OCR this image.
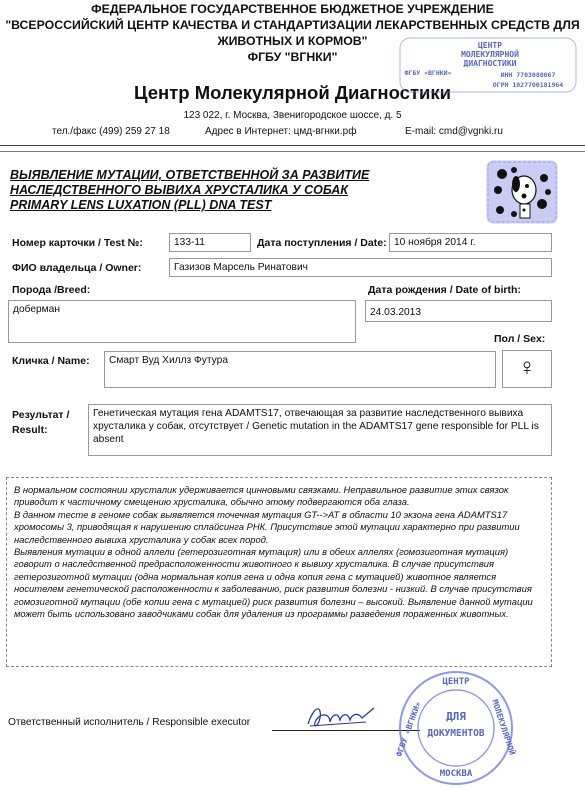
ФЕДЕРАЛЬНОЕ ГОСУДАРСТВЕННОЕ БЮДЖЕТНОЕ УЧРЕЖДЕНИЕ
"ВСЕРОССИЙСКИЙ ЦЕНТР КАЧЕСТВА И СТАНДАРТИЗАЦИИ ЛЕКАРСТВЕННЫХ СРЕДСТВ ДЛЯ
ЖИВОТНЫХ И КОРМОВ"
ФГБУ "ВГНКИ"
Центр Молекулярной Диагностики
123 022, г. Москва, Звенигородское шоссе, д. 5
тел./факс (499) 259 27 18	Адрес в Интернет: цмд-вгнки.рф	E-mail: cmd@vgnki.ru
ЦЕНТР
МОЛЕКУЛЯРНОЙ
ДИАГНОСТИКИ
ФГБУ «ВГНКИ»	ИНН 7703080067
ОГРН 1027700181964
ВЫЯВЛЕНИЕ МУТАЦИИ, ОТВЕТСТВЕННОЙ ЗА РАЗВИТИЕ
НАСЛЕДСТВЕННОГО ВЫВИХА ХРУСТАЛИКА У СОБАК
PRIMARY LENS LUXATION (PLL) DNA TEST
Номер карточки / Test №:	133-11	Дата поступления / Date: 10 ноября 2014 г.
ФИО владельца / Owner:	Газизов Марсель Ринатович
Порода /Breed:	Дата рождения / Date of birth:
доберман	24.03.2013
Пол / Sex:
♀
Кличка / Name:	Смарт Вуд Хиллз Футура
Результат /
Result:
Генетическая мутация гена ADAMTS17, отвечающая за развитие наследственного вывиха хрусталика у собак, отсутствует / Genetic mutation in the ADAMTS17 gene responsible for PLL is absent

В нормальном состоянии хрусталик удерживается цинновыми связками. Неправильное развитие этих связок приводит к частичному смещению хрусталика, обычно этому подвергаются оба глаза.

В данном тесте в геноме собак выявляется точечная мутация GT-->AT в области 10 экзона гена ADAMTS17 хромосомы 3, приводящая к нарушению сплайсинга РНК. Присутствие этой мутации характерно при развитии наследственного вывиха хрусталика у собак всех пород.

Выявления мутации в одной аллели (гетерозиготная мутация) или в обеих аллелях (гомозиготная мутация) говорит о наследственной предрасположенности животного к вывиху хрусталика. В случае присутствия гетерозиготной мутации (одна нормальная копия гена и одна копия гена с мутацией) животное является носителем генетической расположенности к заболеванию, риск развития болезни - низкий. В случае присутствия гомозиготной мутации (обе копии гена с мутацией) риск развития болезни – высокий. Выявление данной мутации может быть использовано заводчиками собак для удаления из программы разведения пораженных животных.

Ответственный исполнитель / Responsible executor
ЦЕНТР
ФГБУ «ВГНКИ»	МОЛЕКУЛЯРНОЙ
ДЛЯ
ДОКУМЕНТОВ
МОСКВА
